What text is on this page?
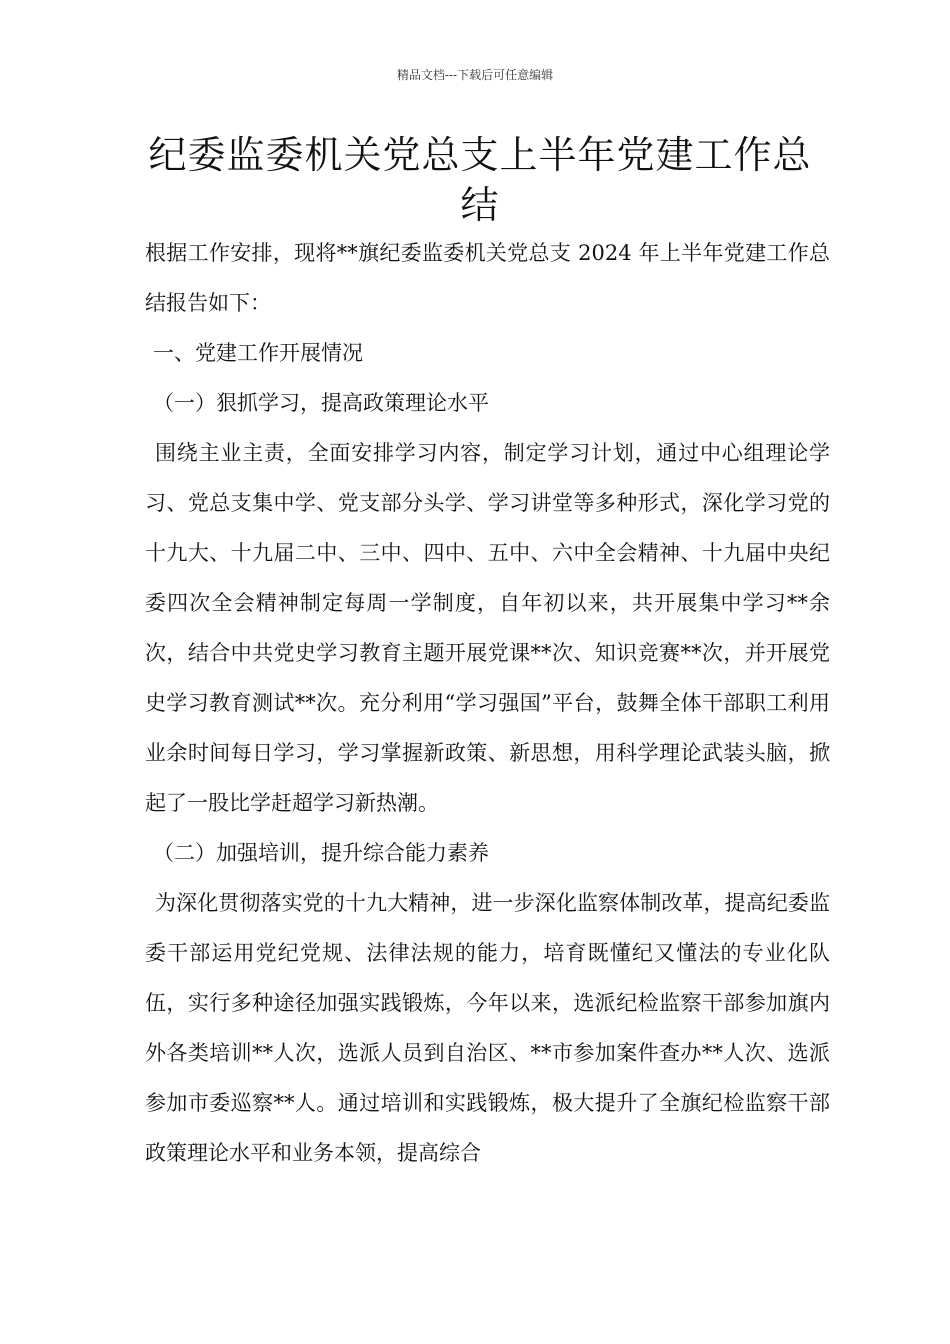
精品文档---下载后可任意编辑
纪委监委机关党总支上半年党建工作总结

根据工作安排，现将**旗纪委监委机关党总支 2024 年上半年党建工作总结报告如下：

一、党建工作开展情况

（一）狠抓学习，提高政策理论水平

围绕主业主责，全面安排学习内容，制定学习计划，通过中心组理论学习、党总支集中学、党支部分头学、学习讲堂等多种形式，深化学习党的十九大、十九届二中、三中、四中、五中、六中全会精神、十九届中央纪委四次全会精神制定每周一学制度，自年初以来，共开展集中学习**余次，结合中共党史学习教育主题开展党课**次、知识竞赛**次，并开展党史学习教育测试**次。充分利用“学习强国”平台，鼓舞全体干部职工利用业余时间每日学习，学习掌握新政策、新思想，用科学理论武装头脑，掀起了一股比学赶超学习新热潮。

（二）加强培训，提升综合能力素养

为深化贯彻落实党的十九大精神，进一步深化监察体制改革，提高纪委监委干部运用党纪党规、法律法规的能力，培育既懂纪又懂法的专业化队伍，实行多种途径加强实践锻炼，今年以来，选派纪检监察干部参加旗内外各类培训**人次，选派人员到自治区、**市参加案件查办**人次、选派参加市委巡察**人。通过培训和实践锻炼，极大提升了全旗纪检监察干部政策理论水平和业务本领，提高综合
